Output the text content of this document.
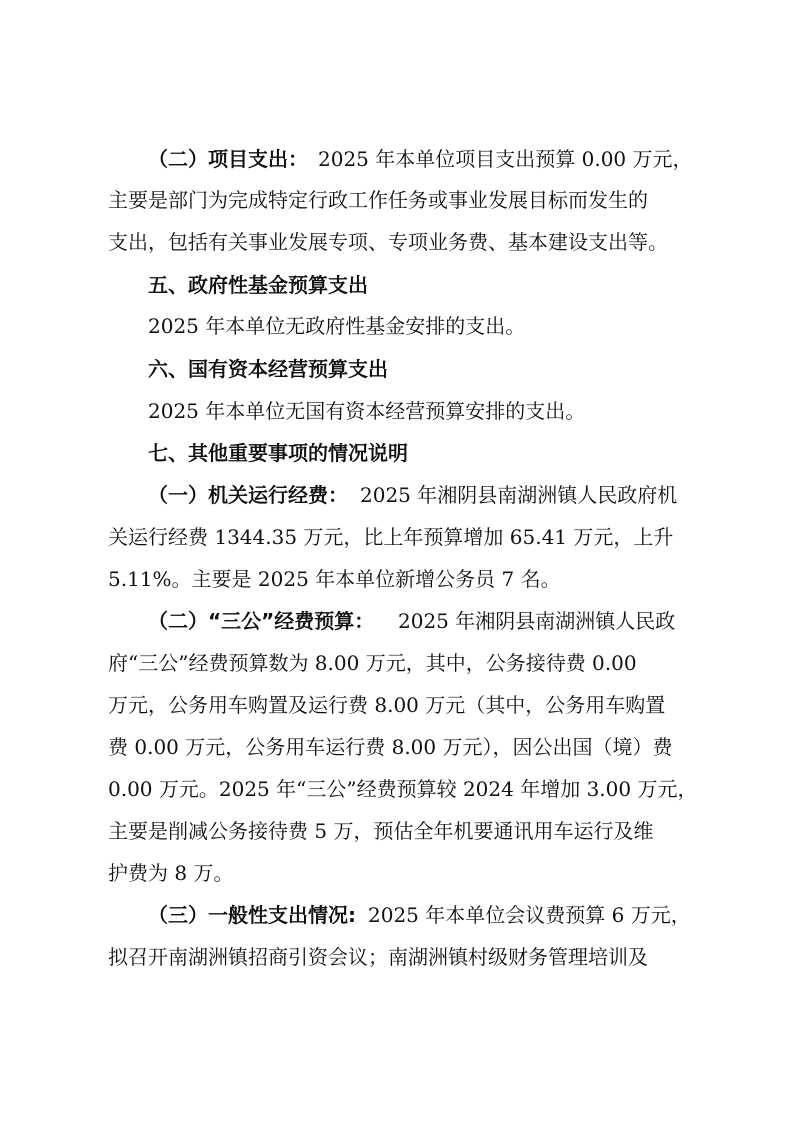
（二）项目支出： 2025 年本单位项目支出预算 0.00 万元，
主要是部门为完成特定行政工作任务或事业发展目标而发生的
支出，包括有关事业发展专项、专项业务费、基本建设支出等。
五、政府性基金预算支出
2025 年本单位无政府性基金安排的支出。
六、国有资本经营预算支出
2025 年本单位无国有资本经营预算安排的支出。
七、其他重要事项的情况说明
（一）机关运行经费： 2025 年湘阴县南湖洲镇人民政府机
关运行经费 1344.35 万元，比上年预算增加 65.41 万元，上升
5.11%。主要是 2025 年本单位新增公务员 7 名。
（二）“三公”经费预算： 2025 年湘阴县南湖洲镇人民政
府“三公”经费预算数为 8.00 万元，其中，公务接待费 0.00
万元，公务用车购置及运行费 8.00 万元（其中，公务用车购置
费 0.00 万元，公务用车运行费 8.00 万元），因公出国（境）费
0.00 万元。2025 年“三公”经费预算较 2024 年增加 3.00 万元，
主要是削减公务接待费 5 万，预估全年机要通讯用车运行及维
护费为 8 万。
（三）一般性支出情况: 2025 年本单位会议费预算 6 万元，
拟召开南湖洲镇招商引资会议；南湖洲镇村级财务管理培训及
